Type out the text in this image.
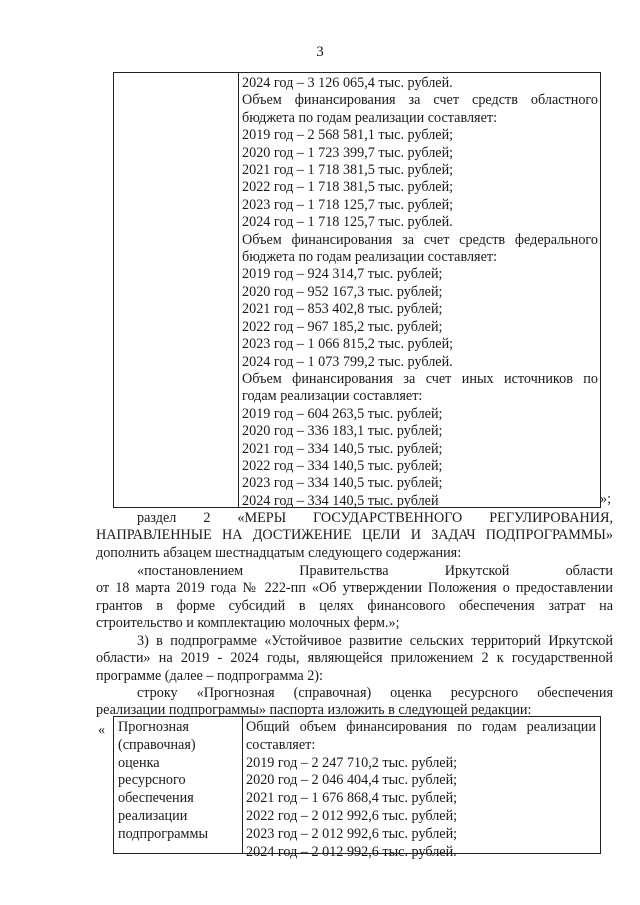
3
2024 год – 3 126 065,4 тыс. рублей.
Объем финансирования за счет средств областного
бюджета по годам реализации составляет:
2019 год – 2 568 581,1 тыс. рублей;
2020 год – 1 723 399,7 тыс. рублей;
2021 год – 1 718 381,5 тыс. рублей;
2022 год – 1 718 381,5 тыс. рублей;
2023 год – 1 718 125,7 тыс. рублей;
2024 год – 1 718 125,7 тыс. рублей.
Объем финансирования за счет средств федерального
бюджета по годам реализации составляет:
2019 год – 924 314,7 тыс. рублей;
2020 год – 952 167,3 тыс. рублей;
2021 год – 853 402,8 тыс. рублей;
2022 год – 967 185,2 тыс. рублей;
2023 год – 1 066 815,2 тыс. рублей;
2024 год – 1 073 799,2 тыс. рублей.
Объем финансирования за счет иных источников по
годам реализации составляет:
2019 год – 604 263,5 тыс. рублей;
2020 год – 336 183,1 тыс. рублей;
2021 год – 334 140,5 тыс. рублей;
2022 год – 334 140,5 тыс. рублей;
2023 год – 334 140,5 тыс. рублей;
2024 год – 334 140,5 тыс. рублей	»;
раздел 2 «МЕРЫ ГОСУДАРСТВЕННОГО РЕГУЛИРОВАНИЯ,
НАПРАВЛЕННЫЕ НА ДОСТИЖЕНИЕ ЦЕЛИ И ЗАДАЧ ПОДПРОГРАММЫ»
дополнить абзацем шестнадцатым следующего содержания:
«постановлением Правительства Иркутской области
от 18 марта 2019 года № 222-пп «Об утверждении Положения о предоставлении
грантов в форме субсидий в целях финансового обеспечения затрат на
строительство и комплектацию молочных ферм.»;
3) в подпрограмме «Устойчивое развитие сельских территорий Иркутской
области» на 2019 - 2024 годы, являющейся приложением 2 к государственной
программе (далее – подпрограмма 2):
строку «Прогнозная (справочная) оценка ресурсного обеспечения
реализации подпрограммы» паспорта изложить в следующей редакции:
« Прогнозная
(справочная)
оценка
ресурсного
обеспечения
реализации
подпрограммы
Общий объем финансирования по годам реализации
составляет:
2019 год – 2 247 710,2 тыс. рублей;
2020 год – 2 046 404,4 тыс. рублей;
2021 год – 1 676 868,4 тыс. рублей;
2022 год – 2 012 992,6 тыс. рублей;
2023 год – 2 012 992,6 тыс. рублей;
2024 год – 2 012 992,6 тыс. рублей.
